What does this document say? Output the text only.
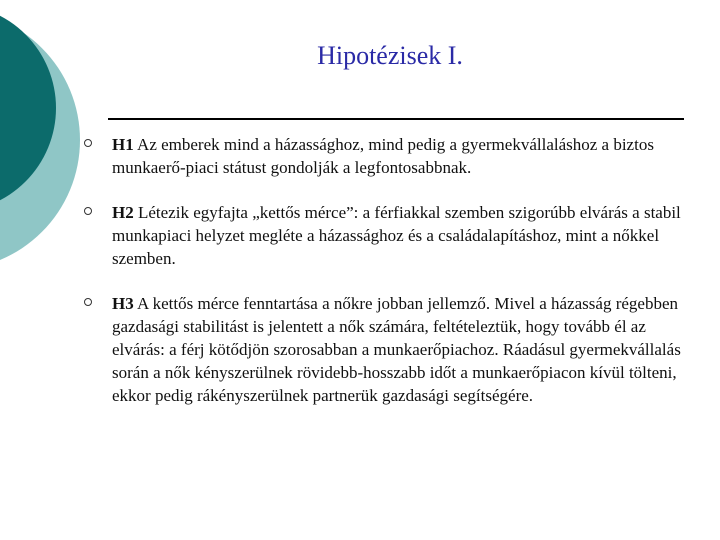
Hipotézisek I.
H1 Az emberek mind a házassághoz, mind pedig a gyermekvállaláshoz a biztos munkaerő-piaci státust gondolják a legfontosabbnak.
H2 Létezik egyfajta „kettős mérce”: a férfiakkal szemben szigorúbb elvárás a stabil munkapiaci helyzet megléte a házassághoz és a családalapításhoz, mint a nőkkel szemben.
H3 A kettős mérce fenntartása a nőkre jobban jellemző. Mivel a házasság régebben gazdasági stabilitást is jelentett a nők számára, feltételeztük, hogy tovább él az elvárás: a férj kötődjön szorosabban a munkaerőpiachoz. Ráadásul gyermekvállalás során a nők kényszerülnek rövidebb-hosszabb időt a munkaerőpiacon kívül tölteni, ekkor pedig rákényszerülnek partnerük gazdasági segítségére.
